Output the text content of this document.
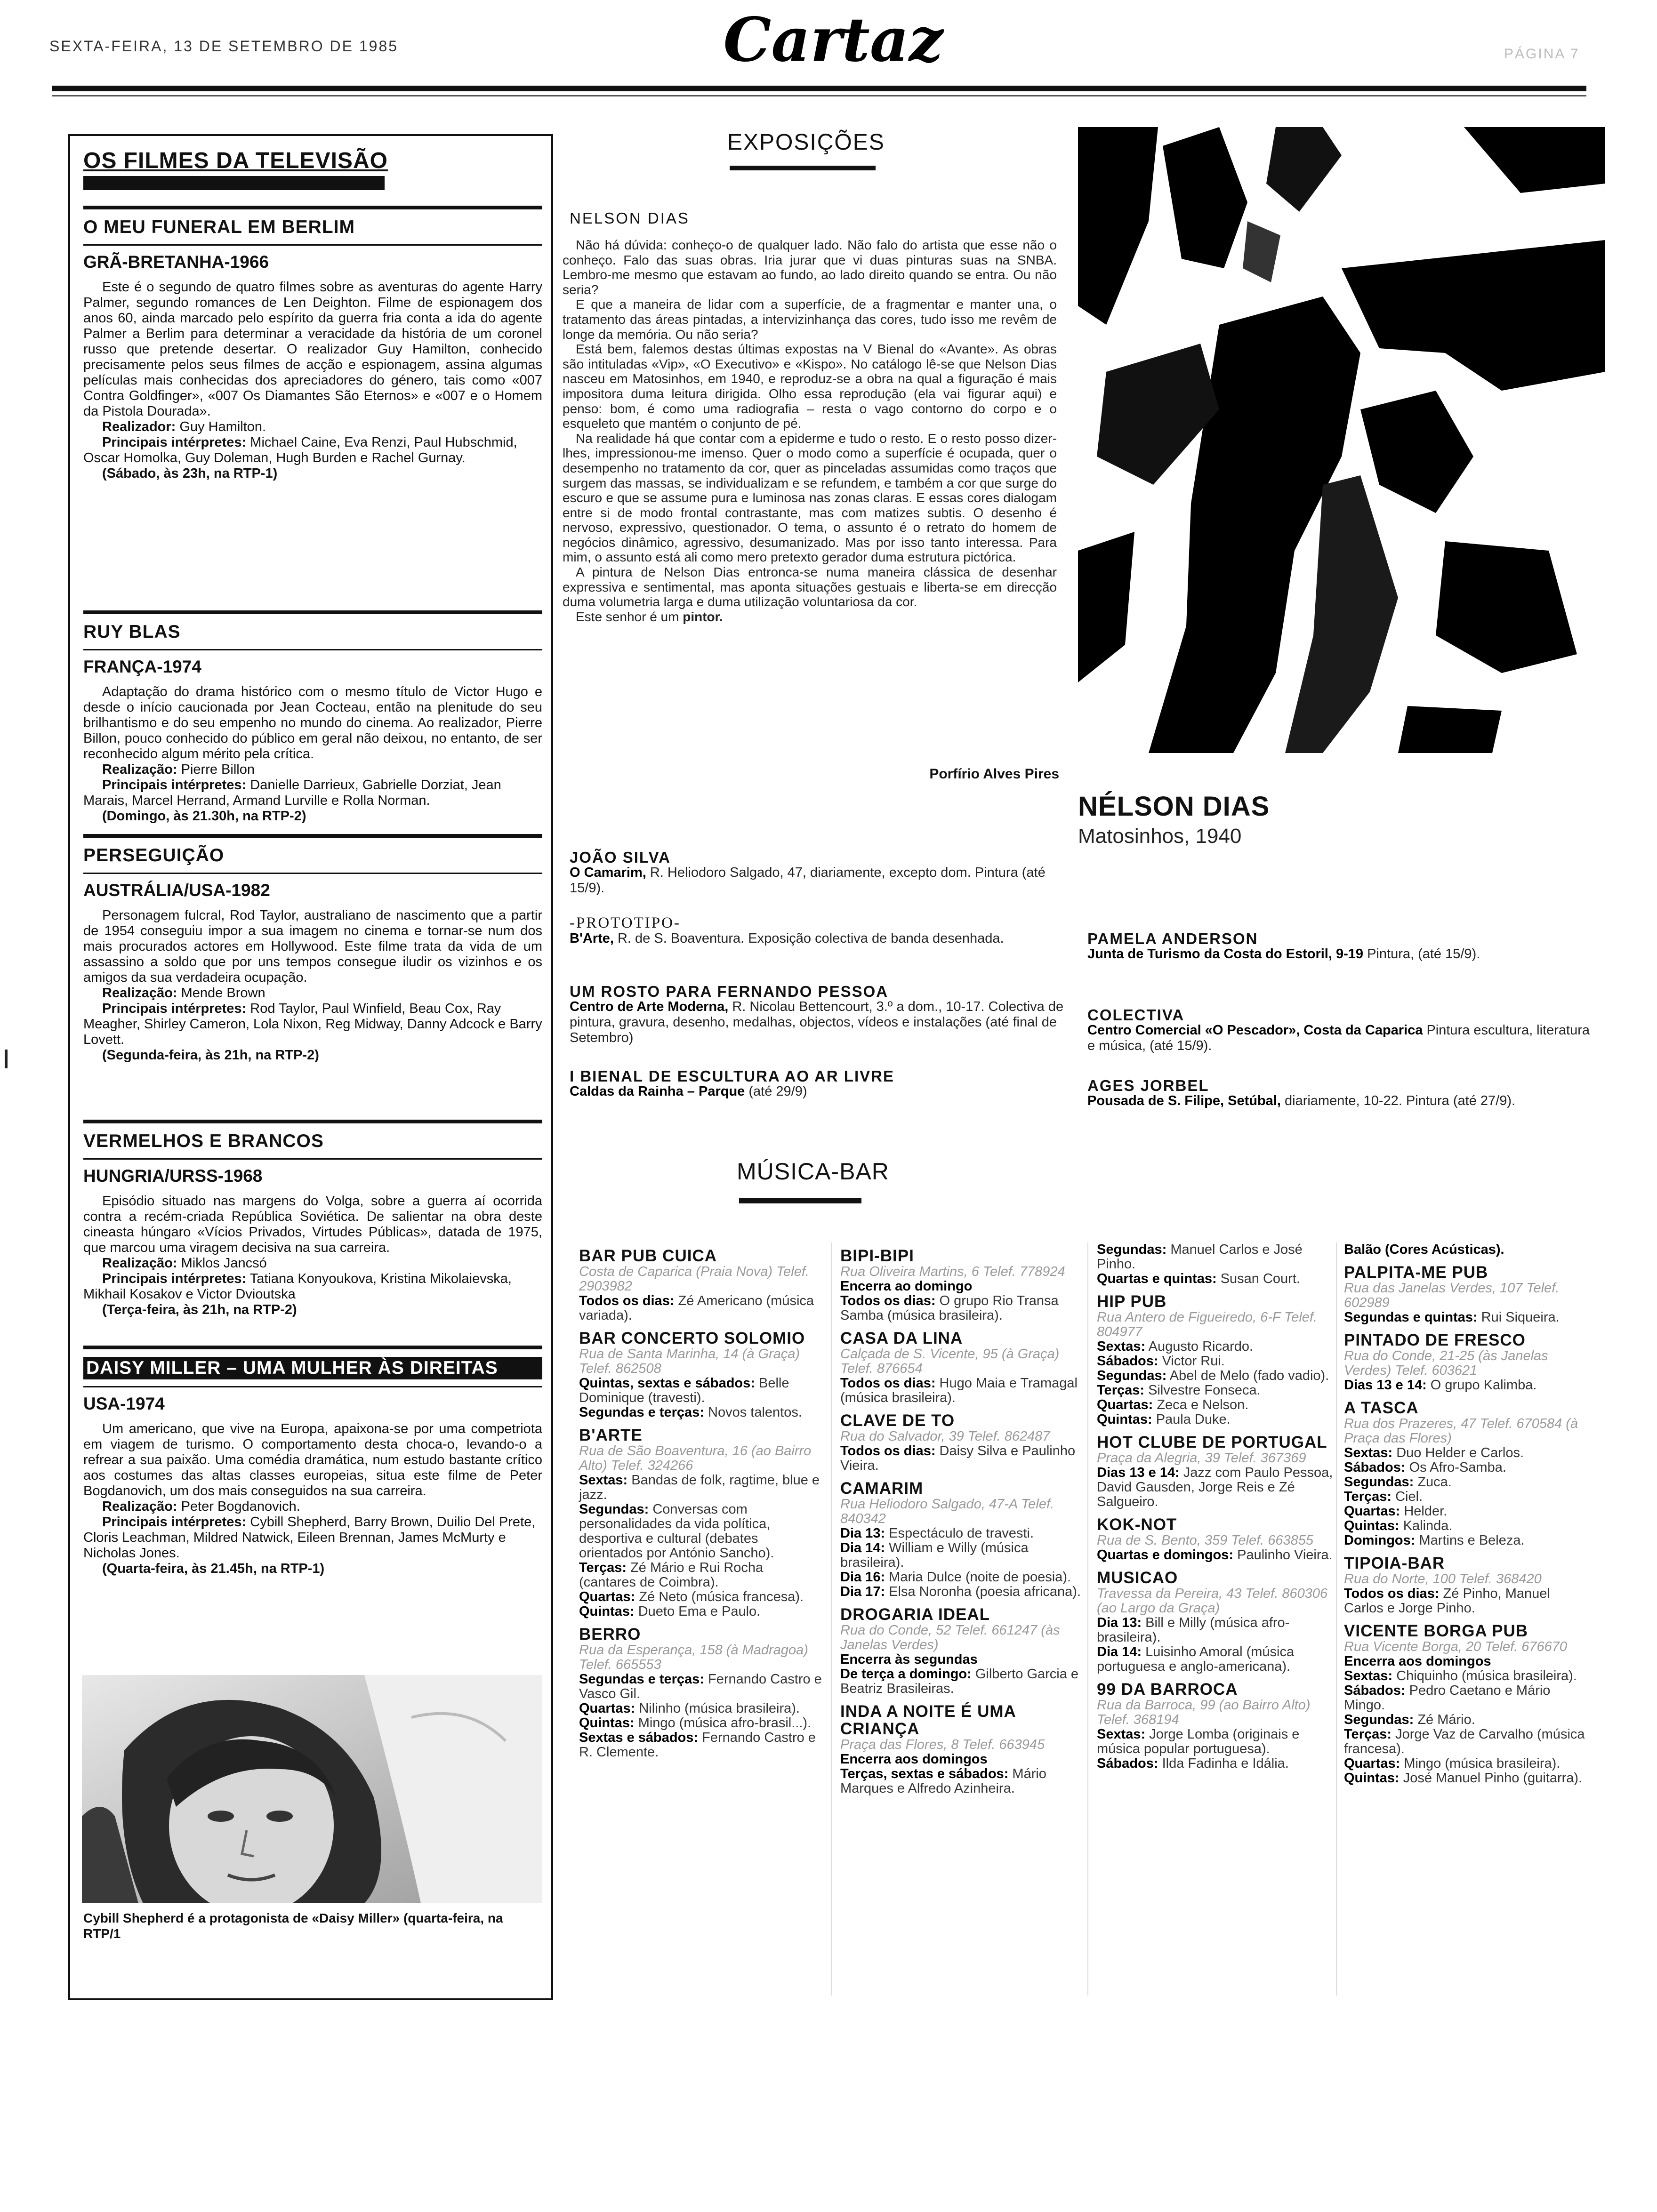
SEXTA-FEIRA, 13 DE SETEMBRO DE 1985	Cartaz	PÁGINA 7
OS FILMES DA TELEVISÃO
O MEU FUNERAL EM BERLIM
GRÃ-BRETANHA-1966
Este é o segundo de quatro filmes sobre as aventuras do agente Harry Palmer, segundo romances de Len Deighton. Filme de espionagem dos anos 60, ainda marcado pelo espírito da guerra fria conta a ida do agente Palmer a Berlim para determinar a veracidade da história de um coronel russo que pretende desertar. O realizador Guy Hamilton, conhecido precisamente pelos seus filmes de acção e espionagem, assina algumas películas mais conhecidas dos apreciadores do género, tais como «007 Contra Goldfinger», «007 Os Diamantes São Eternos» e «007 e o Homem da Pistola Dourada».
Realizador: Guy Hamilton.
Principais intérpretes: Michael Caine, Eva Renzi, Paul Hubschmid, Oscar Homolka, Guy Doleman, Hugh Burden e Rachel Gurnay.
(Sábado, às 23h, na RTP-1)
RUY BLAS
FRANÇA-1974
Adaptação do drama histórico com o mesmo título de Victor Hugo e desde o início caucionada por Jean Cocteau, então na plenitude do seu brilhantismo e do seu empenho no mundo do cinema. Ao realizador, Pierre Billon, pouco conhecido do público em geral não deixou, no entanto, de ser reconhecido algum mérito pela crítica.
Realização: Pierre Billon
Principais intérpretes: Danielle Darrieux, Gabrielle Dorziat, Jean Marais, Marcel Herrand, Armand Lurville e Rolla Norman.
(Domingo, às 21.30h, na RTP-2)
PERSEGUIÇÃO
AUSTRÁLIA/USA-1982
Personagem fulcral, Rod Taylor, australiano de nascimento que a partir de 1954 conseguiu impor a sua imagem no cinema e tornar-se num dos mais procurados actores em Hollywood. Este filme trata da vida de um assassino a soldo que por uns tempos consegue iludir os vizinhos e os amigos da sua verdadeira ocupação.
Realização: Mende Brown
Principais intérpretes: Rod Taylor, Paul Winfield, Beau Cox, Ray Meagher, Shirley Cameron, Lola Nixon, Reg Midway, Danny Adcock e Barry Lovett.
(Segunda-feira, às 21h, na RTP-2)
VERMELHOS E BRANCOS
HUNGRIA/URSS-1968
Episódio situado nas margens do Volga, sobre a guerra aí ocorrida contra a recém-criada República Soviética. De salientar na obra deste cineasta húngaro «Vícios Privados, Virtudes Públicas», datada de 1975, que marcou uma viragem decisiva na sua carreira.
Realização: Miklos Jancsó
Principais intérpretes: Tatiana Konyoukova, Kristina Mikolaievska, Mikhail Kosakov e Victor Dvioutska
(Terça-feira, às 21h, na RTP-2)
DAISY MILLER – UMA MULHER ÀS DIREITAS
USA-1974
Um americano, que vive na Europa, apaixona-se por uma competriota em viagem de turismo. O comportamento desta choca-o, levando-o a refrear a sua paixão. Uma comédia dramática, num estudo bastante crítico aos costumes das altas classes europeias, situa este filme de Peter Bogdanovich, um dos mais conseguidos na sua carreira.
Realização: Peter Bogdanovich.
Principais intérpretes: Cybill Shepherd, Barry Brown, Duilio Del Prete, Cloris Leachman, Mildred Natwick, Eileen Brennan, James McMurty e Nicholas Jones.
(Quarta-feira, às 21.45h, na RTP-1)
Cybill Shepherd é a protagonista de «Daisy Miller» (quarta-feira, na RTP/1
EXPOSIÇÕES
NELSON DIAS

Não há dúvida: conheço-o de qualquer lado. Não falo do artista que esse não o conheço. Falo das suas obras. Iria jurar que vi duas pinturas suas na SNBA. Lembro-me mesmo que estavam ao fundo, ao lado direito quando se entra. Ou não seria?

E que a maneira de lidar com a superfície, de a fragmentar e manter una, o tratamento das áreas pintadas, a intervizinhança das cores, tudo isso me revêm de longe da memória. Ou não seria?

Está bem, falemos destas últimas expostas na V Bienal do «Avante». As obras são intituladas «Vip», «O Executivo» e «Kispo». No catálogo lê-se que Nelson Dias nasceu em Matosinhos, em 1940, e reproduz-se a obra na qual a figuração é mais impositora duma leitura dirigida. Olho essa reprodução (ela vai figurar aqui) e penso: bom, é como uma radiografia – resta o vago contorno do corpo e o esqueleto que mantém o conjunto de pé.

Na realidade há que contar com a epiderme e tudo o resto. E o resto posso dizer-lhes, impressionou-me imenso. Quer o modo como a superfície é ocupada, quer o desempenho no tratamento da cor, quer as pinceladas assumidas como traços que surgem das massas, se individualizam e se refundem, e também a cor que surge do escuro e que se assume pura e luminosa nas zonas claras. E essas cores dialogam entre si de modo frontal contrastante, mas com matizes subtis. O desenho é nervoso, expressivo, questionador. O tema, o assunto é o retrato do homem de negócios dinâmico, agressivo, desumanizado. Mas por isso tanto interessa. Para mim, o assunto está ali como mero pretexto gerador duma estrutura pictórica.

A pintura de Nelson Dias entronca-se numa maneira clássica de desenhar expressiva e sentimental, mas aponta situações gestuais e liberta-se em direcção duma volumetria larga e duma utilização voluntariosa da cor.

Este senhor é um pintor.

Porfírio Alves Pires
NÉLSON DIAS
Matosinhos, 1940
JOÃO SILVA
O Camarim, R. Heliodoro Salgado, 47, diariamente, excepto dom. Pintura (até 15/9).
-PROTOTIPO-
B'Arte, R. de S. Boaventura. Exposição colectiva de banda desenhada.
UM ROSTO PARA FERNANDO PESSOA
Centro de Arte Moderna, R. Nicolau Bettencourt, 3.º a dom., 10-17. Colectiva de pintura, gravura, desenho, medalhas, objectos, vídeos e instalações (até final de Setembro)
I BIENAL DE ESCULTURA AO AR LIVRE
Caldas da Rainha – Parque (até 29/9)
PAMELA ANDERSON
Junta de Turismo da Costa do Estoril, 9-19 Pintura, (até 15/9).
COLECTIVA
Centro Comercial «O Pescador», Costa da Caparica Pintura escultura, literatura e música, (até 15/9).
AGES JORBEL
Pousada de S. Filipe, Setúbal, diariamente, 10-22. Pintura (até 27/9).
MÚSICA-BAR
BAR PUB CUICA
Costa de Caparica (Praia Nova) Telef. 2903982
Todos os dias: Zé Americano (música variada).
BAR CONCERTO SOLOMIO
Rua de Santa Marinha, 14 (à Graça) Telef. 862508
Quintas, sextas e sábados: Belle Dominique (travesti).
Segundas e terças: Novos talentos.
B'ARTE
Rua de São Boaventura, 16 (ao Bairro Alto) Telef. 324266
Sextas: Bandas de folk, ragtime, blue e jazz.
Segundas: Conversas com personalidades da vida política, desportiva e cultural (debates orientados por António Sancho).
Terças: Zé Mário e Rui Rocha (cantares de Coimbra).
Quartas: Zé Neto (música francesa).
Quintas: Dueto Ema e Paulo.
BERRO
Rua da Esperança, 158 (à Madragoa) Telef. 665553
Segundas e terças: Fernando Castro e Vasco Gil.
Quartas: Nilinho (música brasileira).
Quintas: Mingo (música afro-brasil...).
Sextas e sábados: Fernando Castro e R. Clemente.
BIPI-BIPI
Rua Oliveira Martins, 6 Telef. 778924
Encerra ao domingo
Todos os dias: O grupo Rio Transa Samba (música brasileira).
CASA DA LINA
Calçada de S. Vicente, 95 (à Graça) Telef. 876654
Todos os dias: Hugo Maia e Tramagal (música brasileira).
CLAVE DE TO
Rua do Salvador, 39 Telef. 862487
Todos os dias: Daisy Silva e Paulinho Vieira.
CAMARIM
Rua Heliodoro Salgado, 47-A Telef. 840342
Dia 13: Espectáculo de travesti.
Dia 14: William e Willy (música brasileira).
Dia 16: Maria Dulce (noite de poesia).
Dia 17: Elsa Noronha (poesia africana).
DROGARIA IDEAL
Rua do Conde, 52 Telef. 661247 (às Janelas Verdes)
Encerra às segundas
De terça a domingo: Gilberto Garcia e Beatriz Brasileiras.
INDA A NOITE É UMA CRIANÇA
Praça das Flores, 8 Telef. 663945
Encerra aos domingos
Terças, sextas e sábados: Mário Marques e Alfredo Azinheira.
Segundas: Manuel Carlos e José Pinho.
Quartas e quintas: Susan Court.
HIP PUB
Rua Antero de Figueiredo, 6-F Telef. 804977
Sextas: Augusto Ricardo.
Sábados: Victor Rui.
Segundas: Abel de Melo (fado vadio).
Terças: Silvestre Fonseca.
Quartas: Zeca e Nelson.
Quintas: Paula Duke.
HOT CLUBE DE PORTUGAL
Praça da Alegria, 39 Telef. 367369
Dias 13 e 14: Jazz com Paulo Pessoa, David Gausden, Jorge Reis e Zé Salgueiro.
KOK-NOT
Rua de S. Bento, 359 Telef. 663855
Quartas e domingos: Paulinho Vieira.
MUSICAO
Travessa da Pereira, 43 Telef. 860306 (ao Largo da Graça)
Dia 13: Bill e Milly (música afro-brasileira).
Dia 14: Luisinho Amoral (música portuguesa e anglo-americana).
99 DA BARROCA
Rua da Barroca, 99 (ao Bairro Alto) Telef. 368194
Sextas: Jorge Lomba (originais e música popular portuguesa).
Sábados: Ilda Fadinha e Idália.
Balão (Cores Acústicas).
PALPITA-ME PUB
Rua das Janelas Verdes, 107 Telef. 602989
Segundas e quintas: Rui Siqueira.
PINTADO DE FRESCO
Rua do Conde, 21-25 (às Janelas Verdes) Telef. 603621
Dias 13 e 14: O grupo Kalimba.
A TASCA
Rua dos Prazeres, 47 Telef. 670584 (à Praça das Flores)
Sextas: Duo Helder e Carlos.
Sábados: Os Afro-Samba.
Segundas: Zuca.
Terças: Ciel.
Quartas: Helder.
Quintas: Kalinda.
Domingos: Martins e Beleza.
TIPOIA-BAR
Rua do Norte, 100 Telef. 368420
Todos os dias: Zé Pinho, Manuel Carlos e Jorge Pinho.
VICENTE BORGA PUB
Rua Vicente Borga, 20 Telef. 676670
Encerra aos domingos
Sextas: Chiquinho (música brasileira).
Sábados: Pedro Caetano e Mário Mingo.
Segundas: Zé Mário.
Terças: Jorge Vaz de Carvalho (música francesa).
Quartas: Mingo (música brasileira).
Quintas: José Manuel Pinho (guitarra).
